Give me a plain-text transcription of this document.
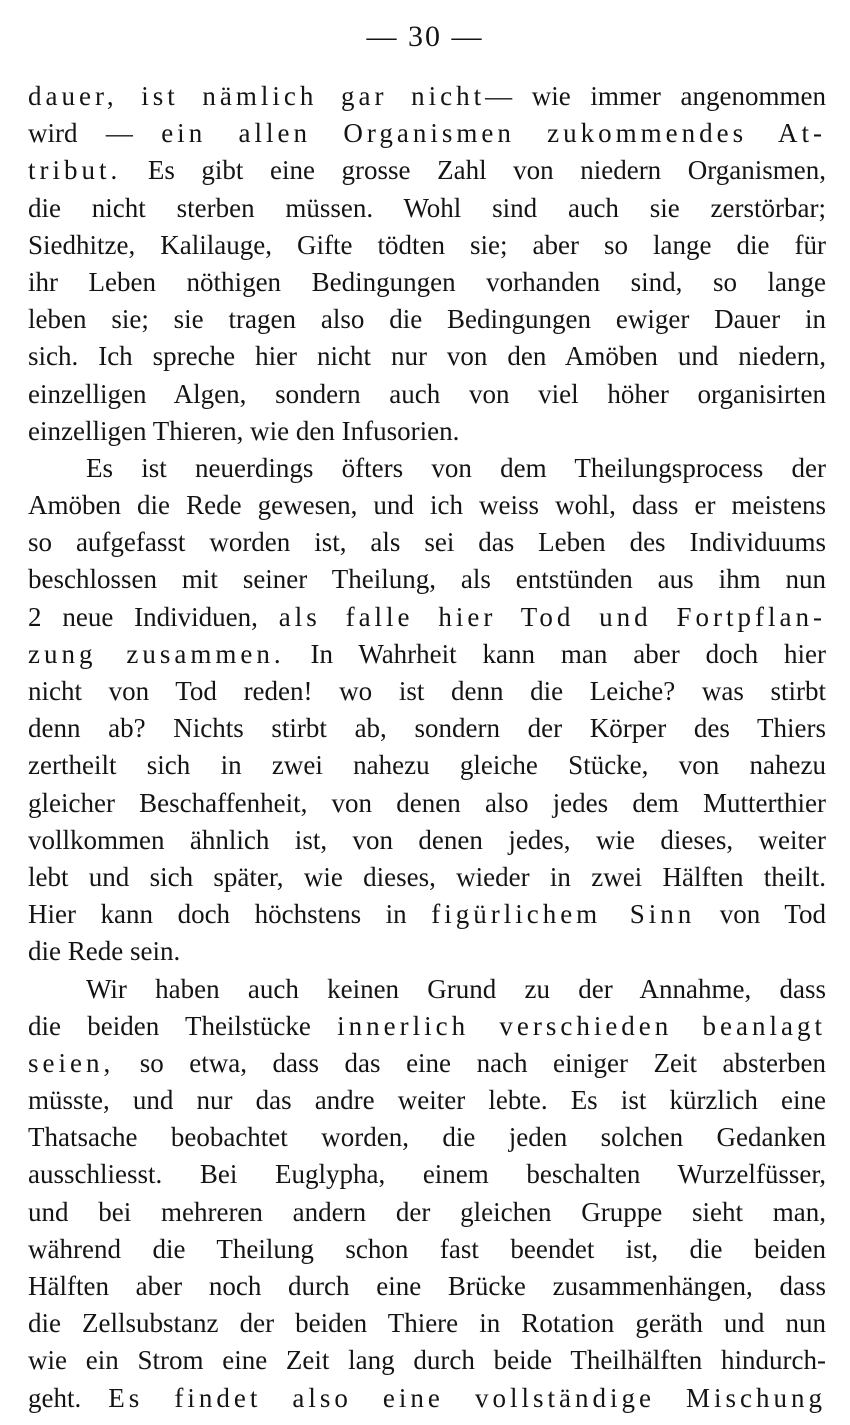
— 30 —
dauer, ist nämlich gar nicht— wie immer angenommen
wird — ein allen Organismen zukommendes At-
tribut. Es gibt eine grosse Zahl von niedern Organismen,
die nicht sterben müssen. Wohl sind auch sie zerstörbar;
Siedhitze, Kalilauge, Gifte tödten sie; aber so lange die für
ihr Leben nöthigen Bedingungen vorhanden sind, so lange
leben sie; sie tragen also die Bedingungen ewiger Dauer in
sich. Ich spreche hier nicht nur von den Amöben und niedern,
einzelligen Algen, sondern auch von viel höher organisirten
einzelligen Thieren, wie den Infusorien.
Es ist neuerdings öfters von dem Theilungsprocess der
Amöben die Rede gewesen, und ich weiss wohl, dass er meistens
so aufgefasst worden ist, als sei das Leben des Individuums
beschlossen mit seiner Theilung, als entstünden aus ihm nun
2 neue Individuen, als falle hier Tod und Fortpflan-
zung zusammen. In Wahrheit kann man aber doch hier
nicht von Tod reden! wo ist denn die Leiche? was stirbt
denn ab? Nichts stirbt ab, sondern der Körper des Thiers
zertheilt sich in zwei nahezu gleiche Stücke, von nahezu
gleicher Beschaffenheit, von denen also jedes dem Mutterthier
vollkommen ähnlich ist, von denen jedes, wie dieses, weiter
lebt und sich später, wie dieses, wieder in zwei Hälften theilt.
Hier kann doch höchstens in figürlichem Sinn von Tod
die Rede sein.
Wir haben auch keinen Grund zu der Annahme, dass
die beiden Theilstücke innerlich verschieden beanlagt
seien, so etwa, dass das eine nach einiger Zeit absterben
müsste, und nur das andre weiter lebte. Es ist kürzlich eine
Thatsache beobachtet worden, die jeden solchen Gedanken
ausschliesst. Bei Euglypha, einem beschalten Wurzelfüsser,
und bei mehreren andern der gleichen Gruppe sieht man,
während die Theilung schon fast beendet ist, die beiden
Hälften aber noch durch eine Brücke zusammenhängen, dass
die Zellsubstanz der beiden Thiere in Rotation geräth und nun
wie ein Strom eine Zeit lang durch beide Theilhälften hindurch-
geht. Es findet also eine vollständige Mischung
